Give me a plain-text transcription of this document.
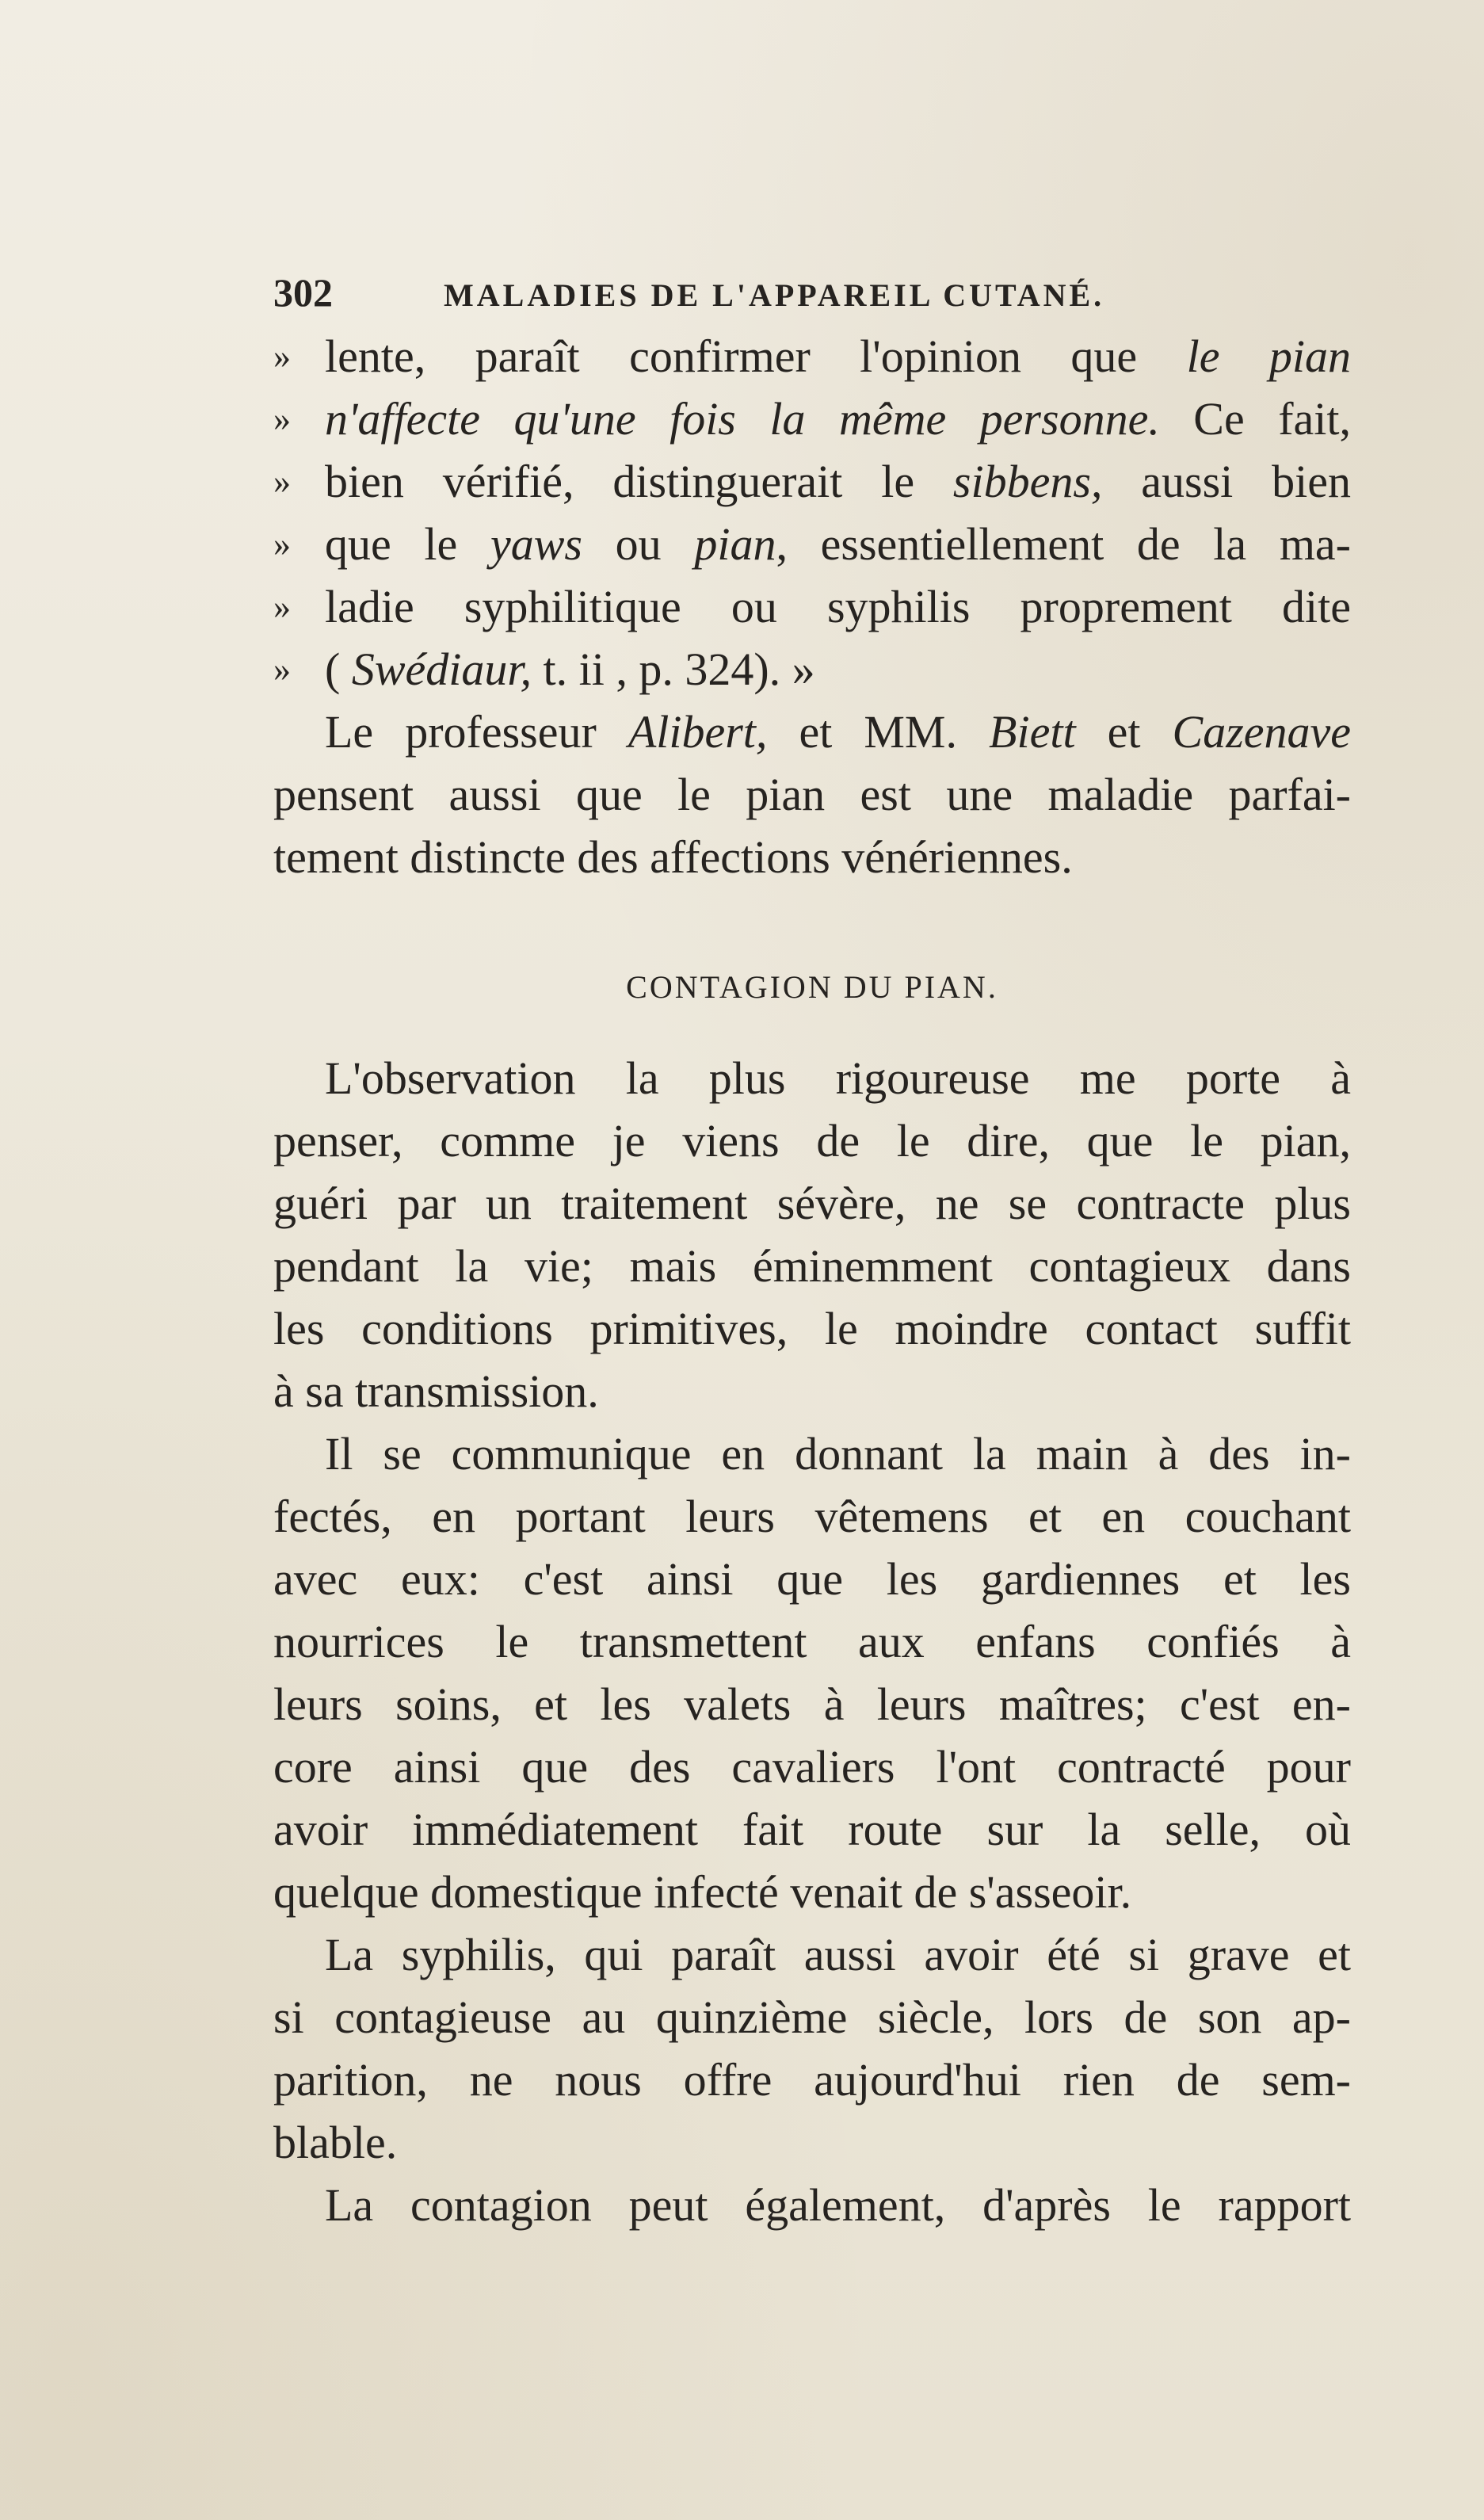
302	MALADIES DE L'APPAREIL CUTANÉ.
» lente, paraît confirmer l'opinion que le pian
» n'affecte qu'une fois la même personne. Ce fait,
» bien vérifié, distinguerait le sibbens, aussi bien
» que le yaws ou pian, essentiellement de la ma-
» ladie syphilitique ou syphilis proprement dite
» ( Swédiaur, t. ii , p. 324). »
Le professeur Alibert, et MM. Biett et Cazenave
pensent aussi que le pian est une maladie parfai-
tement distincte des affections vénériennes.
CONTAGION DU PIAN.
L'observation la plus rigoureuse me porte à
penser, comme je viens de le dire, que le pian,
guéri par un traitement sévère, ne se contracte plus
pendant la vie; mais éminemment contagieux dans
les conditions primitives, le moindre contact suffit
à sa transmission.
Il se communique en donnant la main à des in-
fectés, en portant leurs vêtemens et en couchant
avec eux: c'est ainsi que les gardiennes et les
nourrices le transmettent aux enfans confiés à
leurs soins, et les valets à leurs maîtres; c'est en-
core ainsi que des cavaliers l'ont contracté pour
avoir immédiatement fait route sur la selle, où
quelque domestique infecté venait de s'asseoir.
La syphilis, qui paraît aussi avoir été si grave et
si contagieuse au quinzième siècle, lors de son ap-
parition, ne nous offre aujourd'hui rien de sem-
blable.
La contagion peut également, d'après le rapport
